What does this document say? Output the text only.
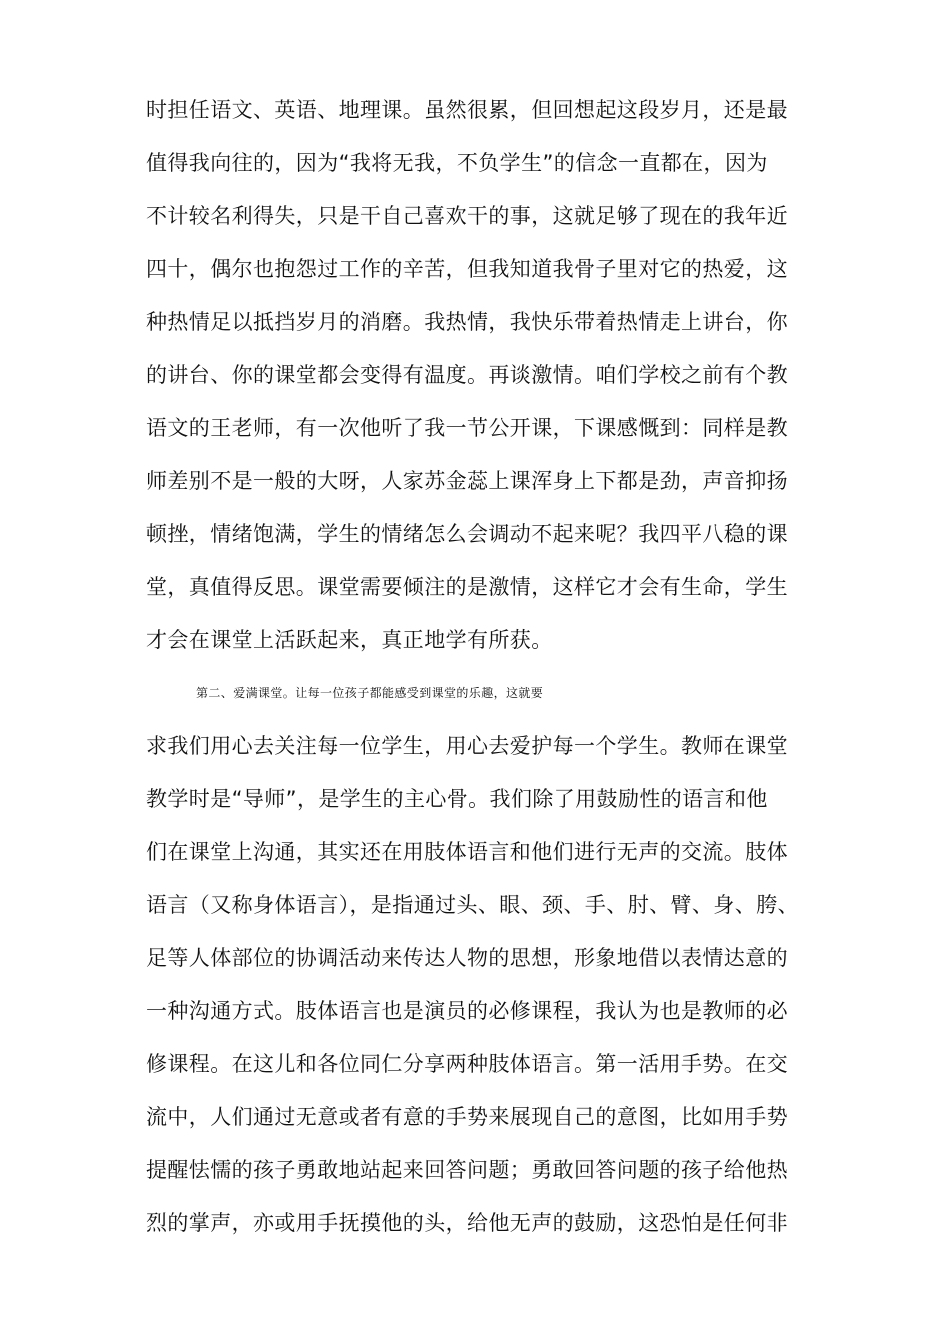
时担任语文、英语、地理课。虽然很累，但回想起这段岁月，还是最
值得我向往的，因为“我将无我，不负学生”的信念一直都在，因为
不计较名利得失，只是干自己喜欢干的事，这就足够了现在的我年近
四十，偶尔也抱怨过工作的辛苦，但我知道我骨子里对它的热爱，这
种热情足以抵挡岁月的消磨。我热情，我快乐带着热情走上讲台，你
的讲台、你的课堂都会变得有温度。再谈激情。咱们学校之前有个教
语文的王老师，有一次他听了我一节公开课，下课感慨到：同样是教
师差别不是一般的大呀，人家苏金蕊上课浑身上下都是劲，声音抑扬
顿挫，情绪饱满，学生的情绪怎么会调动不起来呢？我四平八稳的课
堂，真值得反思。课堂需要倾注的是激情，这样它才会有生命，学生
才会在课堂上活跃起来，真正地学有所获。
第二、爱满课堂。让每一位孩子都能感受到课堂的乐趣，这就要
求我们用心去关注每一位学生，用心去爱护每一个学生。教师在课堂
教学时是“导师”，是学生的主心骨。我们除了用鼓励性的语言和他
们在课堂上沟通，其实还在用肢体语言和他们进行无声的交流。肢体
语言（又称身体语言），是指通过头、眼、颈、手、肘、臂、身、胯、
足等人体部位的协调活动来传达人物的思想，形象地借以表情达意的
一种沟通方式。肢体语言也是演员的必修课程，我认为也是教师的必
修课程。在这儿和各位同仁分享两种肢体语言。第一活用手势。在交
流中，人们通过无意或者有意的手势来展现自己的意图，比如用手势
提醒怯懦的孩子勇敢地站起来回答问题；勇敢回答问题的孩子给他热
烈的掌声，亦或用手抚摸他的头，给他无声的鼓励，这恐怕是任何非
